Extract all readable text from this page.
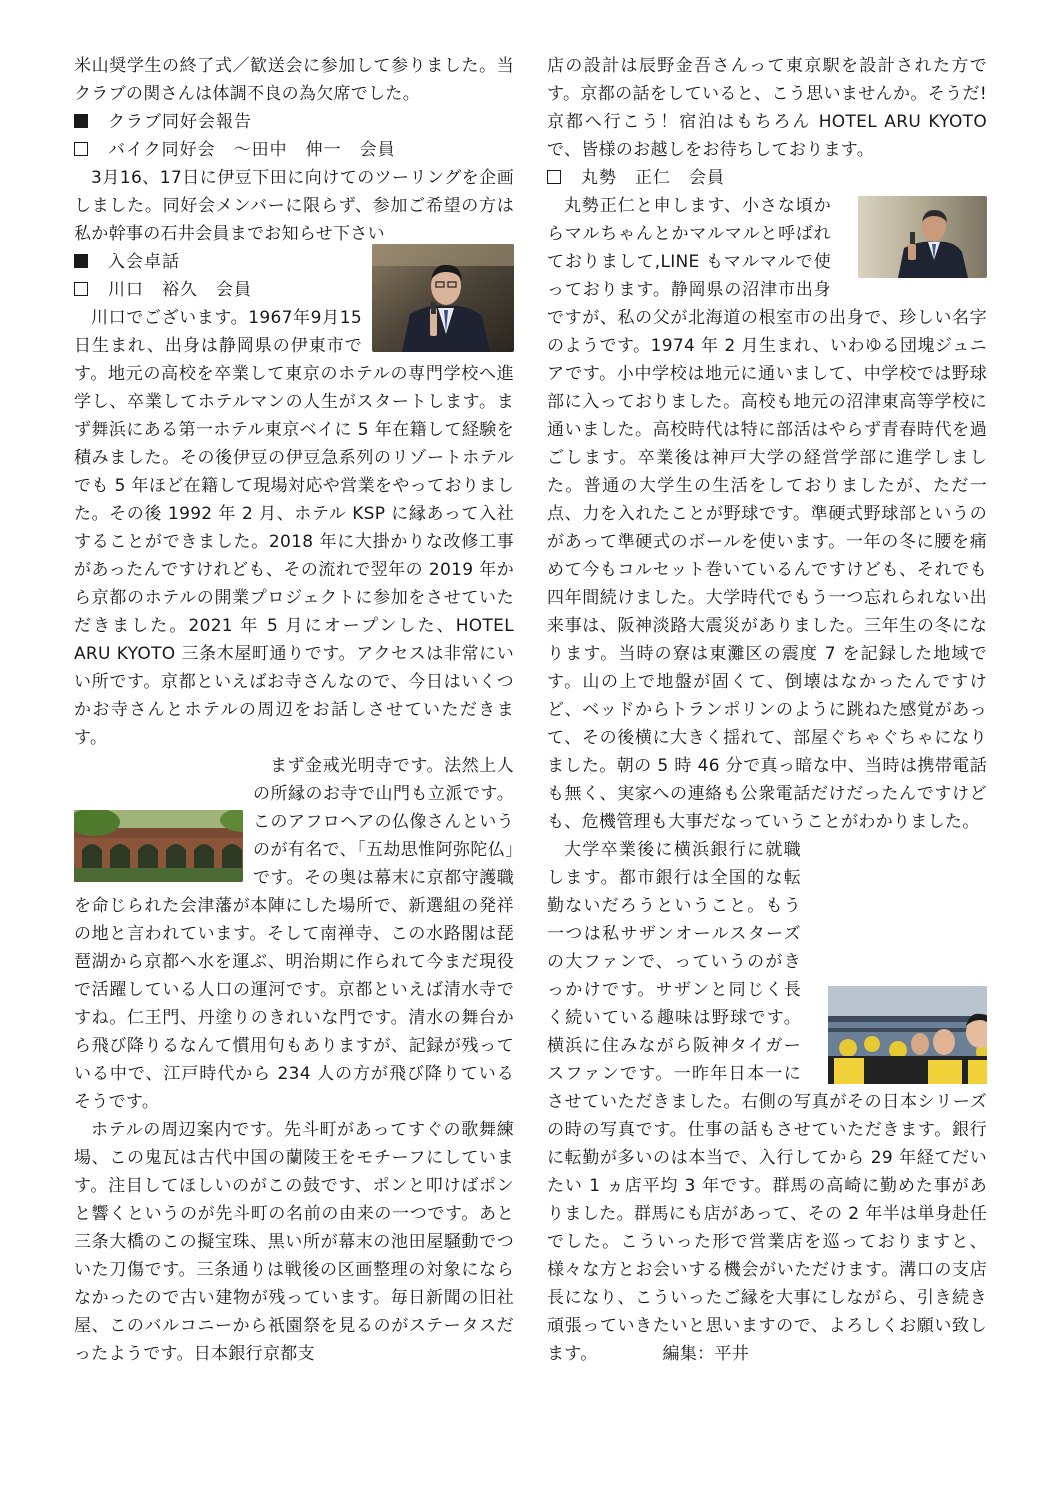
米山奨学生の終了式／歓送会に参加して参りました。当クラブの関さんは体調不良の為欠席でした。

クラブ同好会報告
バイク同好会　～田中　伸一　会員

3月16、17日に伊豆下田に向けてのツーリングを企画しました。同好会メンバーに限らず、参加ご希望の方は私か幹事の石井会員までお知らせ下さい

入会卓話
川口　裕久　会員

川口でございます。1967年9月15日生まれ、出身は静岡県の伊東市です。地元の高校を卒業して東京のホテルの専門学校へ進学し、卒業してホテルマンの人生がスタートします。まず舞浜にある第一ホテル東京ベイに 5 年在籍して経験を積みました。その後伊豆の伊豆急系列のリゾートホテルでも 5 年ほど在籍して現場対応や営業をやっておりました。その後 1992 年 2 月、ホテル KSP に縁あって入社することができました。2018 年に大掛かりな改修工事があったんですけれども、その流れで翌年の 2019 年から京都のホテルの開業プロジェクトに参加をさせていただきました。2021 年 5 月にオープンした、HOTEL ARU KYOTO 三条木屋町通りです。アクセスは非常にいい所です。京都といえばお寺さんなので、今日はいくつかお寺さんとホテルの周辺をお話しさせていただきます。

まず金戒光明寺です。法然上人の所縁のお寺で山門も立派です。このアフロヘアの仏像さんというのが有名で、「五劫思惟阿弥陀仏」です。その奥は幕末に京都守護職を命じられた会津藩が本陣にした場所で、新選組の発祥の地と言われています。そして南禅寺、この水路閣は琵琶湖から京都へ水を運ぶ、明治期に作られて今まだ現役で活躍している人口の運河です。京都といえば清水寺ですね。仁王門、丹塗りのきれいな門です。清水の舞台から飛び降りるなんて慣用句もありますが、記録が残っている中で、江戸時代から 234 人の方が飛び降りているそうです。

ホテルの周辺案内です。先斗町があってすぐの歌舞練場、この鬼瓦は古代中国の蘭陵王をモチーフにしています。注目してほしいのがこの鼓です、ポンと叩けばポンと響くというのが先斗町の名前の由来の一つです。あと三条大橋のこの擬宝珠、黒い所が幕末の池田屋騒動でついた刀傷です。三条通りは戦後の区画整理の対象にならなかったので古い建物が残っています。毎日新聞の旧社屋、このバルコニーから祇園祭を見るのがステータスだったようです。日本銀行京都支

店の設計は辰野金吾さんって東京駅を設計された方です。京都の話をしていると、こう思いませんか。そうだ!京都へ行こう！宿泊はもちろん HOTEL ARU KYOTO で、皆様のお越しをお待ちしております。

丸勢　正仁　会員

丸勢正仁と申します、小さな頃からマルちゃんとかマルマルと呼ばれておりまして,LINE もマルマルで使っております。静岡県の沼津市出身ですが、私の父が北海道の根室市の出身で、珍しい名字のようです。1974 年 2 月生まれ、いわゆる団塊ジュニアです。小中学校は地元に通いまして、中学校では野球部に入っておりました。高校も地元の沼津東高等学校に通いました。高校時代は特に部活はやらず青春時代を過ごします。卒業後は神戸大学の経営学部に進学しました。普通の大学生の生活をしておりましたが、ただ一点、力を入れたことが野球です。準硬式野球部というのがあって準硬式のボールを使います。一年の冬に腰を痛めて今もコルセット巻いているんですけども、それでも四年間続けました。大学時代でもう一つ忘れられない出来事は、阪神淡路大震災がありました。三年生の冬になります。当時の寮は東灘区の震度 7 を記録した地域です。山の上で地盤が固くて、倒壊はなかったんですけど、ベッドからトランポリンのように跳ねた感覚があって、その後横に大きく揺れて、部屋ぐちゃぐちゃになりました。朝の 5 時 46 分で真っ暗な中、当時は携帯電話も無く、実家への連絡も公衆電話だけだったんですけども、危機管理も大事だなっていうことがわかりました。

大学卒業後に横浜銀行に就職します。都市銀行は全国的な転勤ないだろうということ。もう一つは私サザンオールスターズの大ファンで、っていうのがきっかけです。サザンと同じく長く続いている趣味は野球です。横浜に住みながら阪神タイガースファンです。一昨年日本一にさせていただきました。右側の写真がその日本シリーズの時の写真です。仕事の話もさせていただきます。銀行に転勤が多いのは本当で、入行してから 29 年経てだいたい 1 ヵ店平均 3 年です。群馬の高崎に勤めた事がありました。群馬にも店があって、その 2 年半は単身赴任でした。こういった形で営業店を巡っておりますと、様々な方とお会いする機会がいただけます。溝口の支店長になり、こういったご縁を大事にしながら、引き続き頑張っていきたいと思いますので、よろしくお願い致します。	編集：平井
